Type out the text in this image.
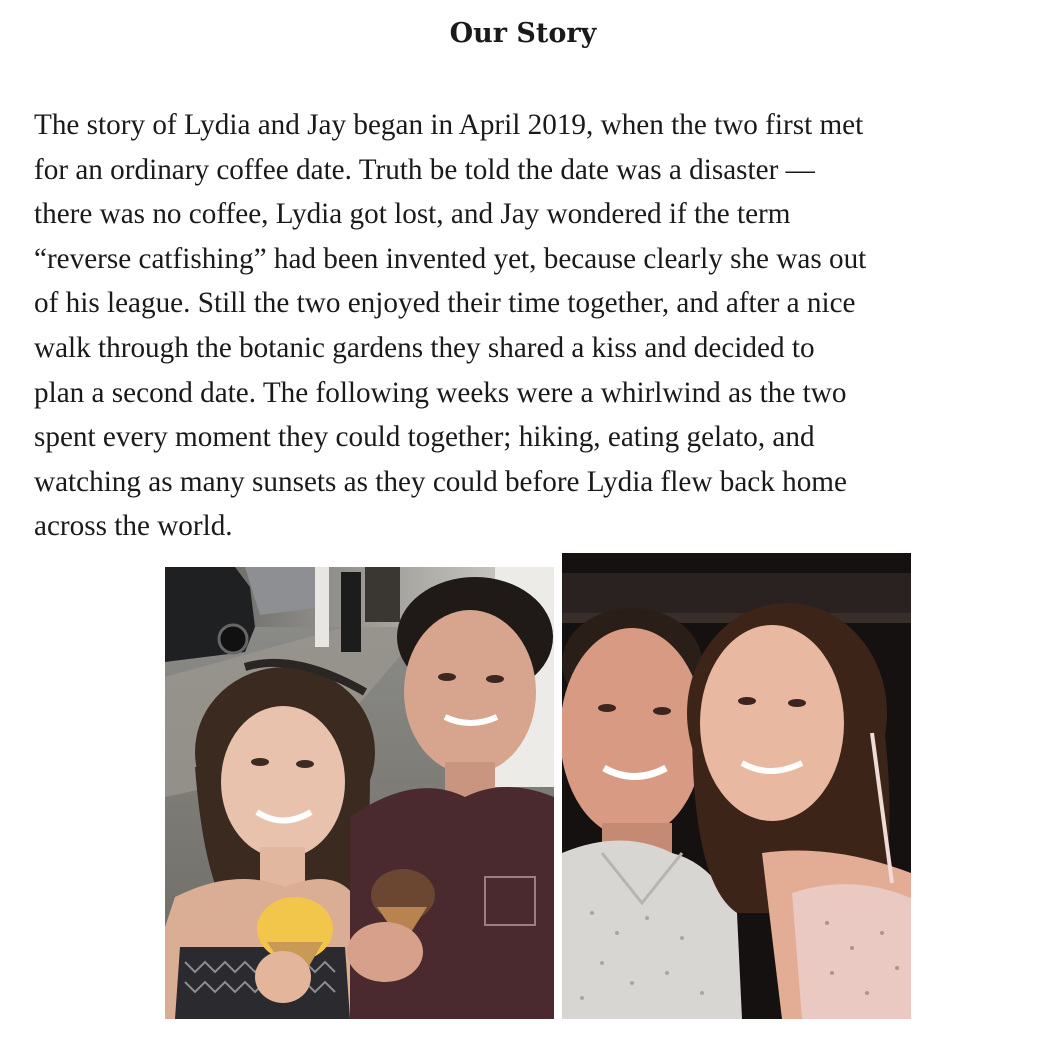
Our Story

The story of Lydia and Jay began in April 2019, when the two first met
for an ordinary coffee date. Truth be told the date was a disaster —
there was no coffee, Lydia got lost, and Jay wondered if the term
“reverse catfishing” had been invented yet, because clearly she was out
of his league. Still the two enjoyed their time together, and after a nice
walk through the botanic gardens they shared a kiss and decided to
plan a second date. The following weeks were a whirlwind as the two
spent every moment they could together; hiking, eating gelato, and
watching as many sunsets as they could before Lydia flew back home
across the world.
